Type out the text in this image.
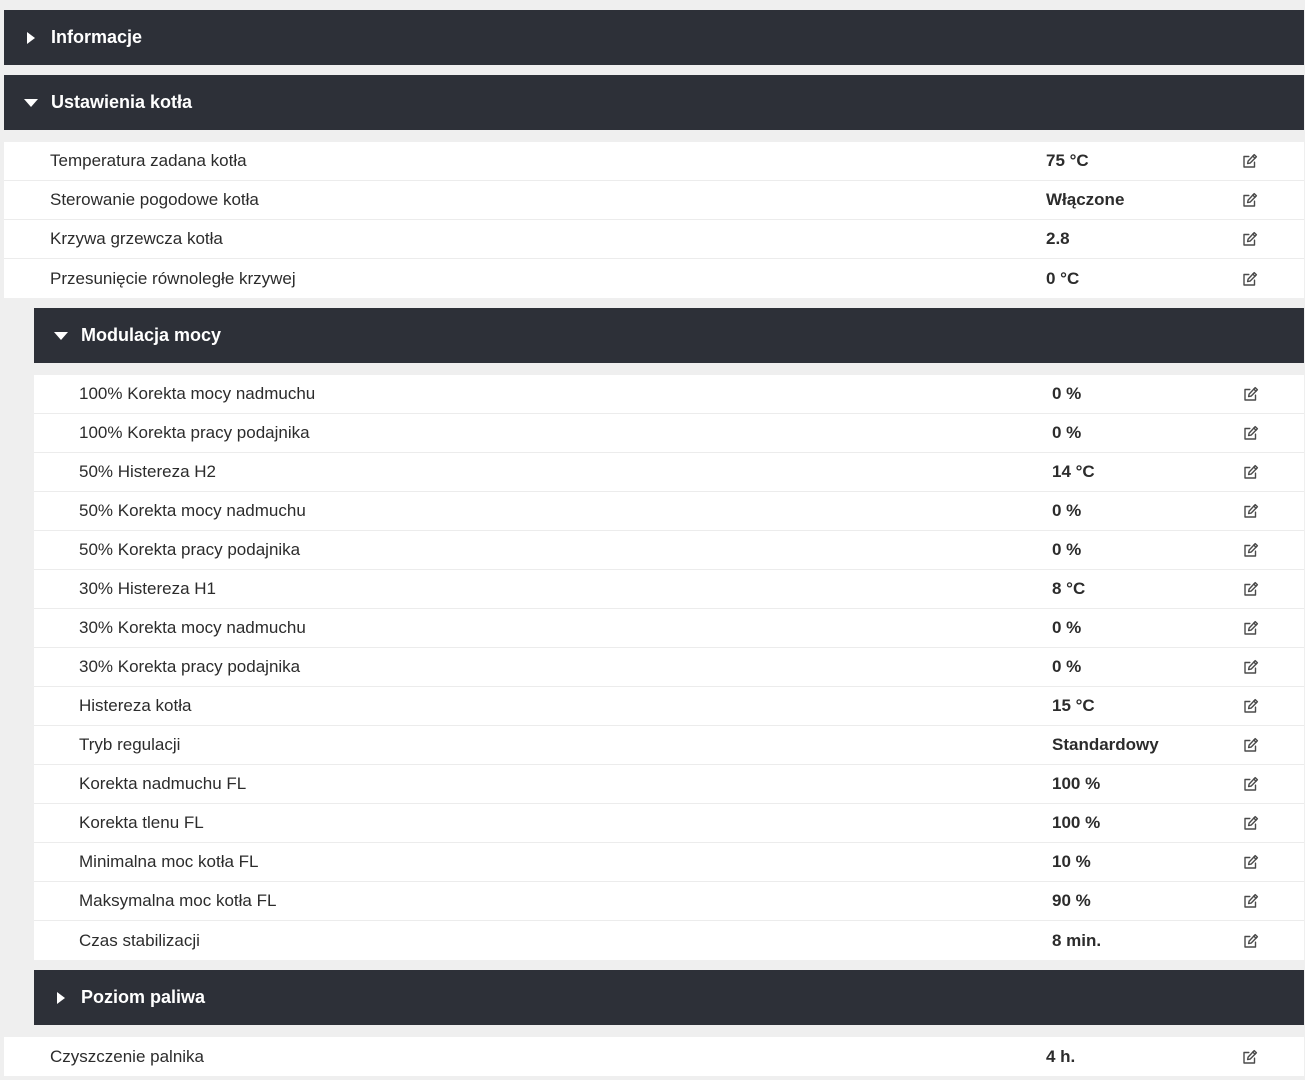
Informacje
Ustawienia kotła
Temperatura zadana kotła	75 °C
Sterowanie pogodowe kotła	Włączone
Krzywa grzewcza kotła	2.8
Przesunięcie równoległe krzywej	0 °C
Modulacja mocy
100% Korekta mocy nadmuchu	0 %
100% Korekta pracy podajnika	0 %
50% Histereza H2	14 °C
50% Korekta mocy nadmuchu	0 %
50% Korekta pracy podajnika	0 %
30% Histereza H1	8 °C
30% Korekta mocy nadmuchu	0 %
30% Korekta pracy podajnika	0 %
Histereza kotła	15 °C
Tryb regulacji	Standardowy
Korekta nadmuchu FL	100 %
Korekta tlenu FL	100 %
Minimalna moc kotła FL	10 %
Maksymalna moc kotła FL	90 %
Czas stabilizacji	8 min.
Poziom paliwa
Czyszczenie palnika	4 h.
